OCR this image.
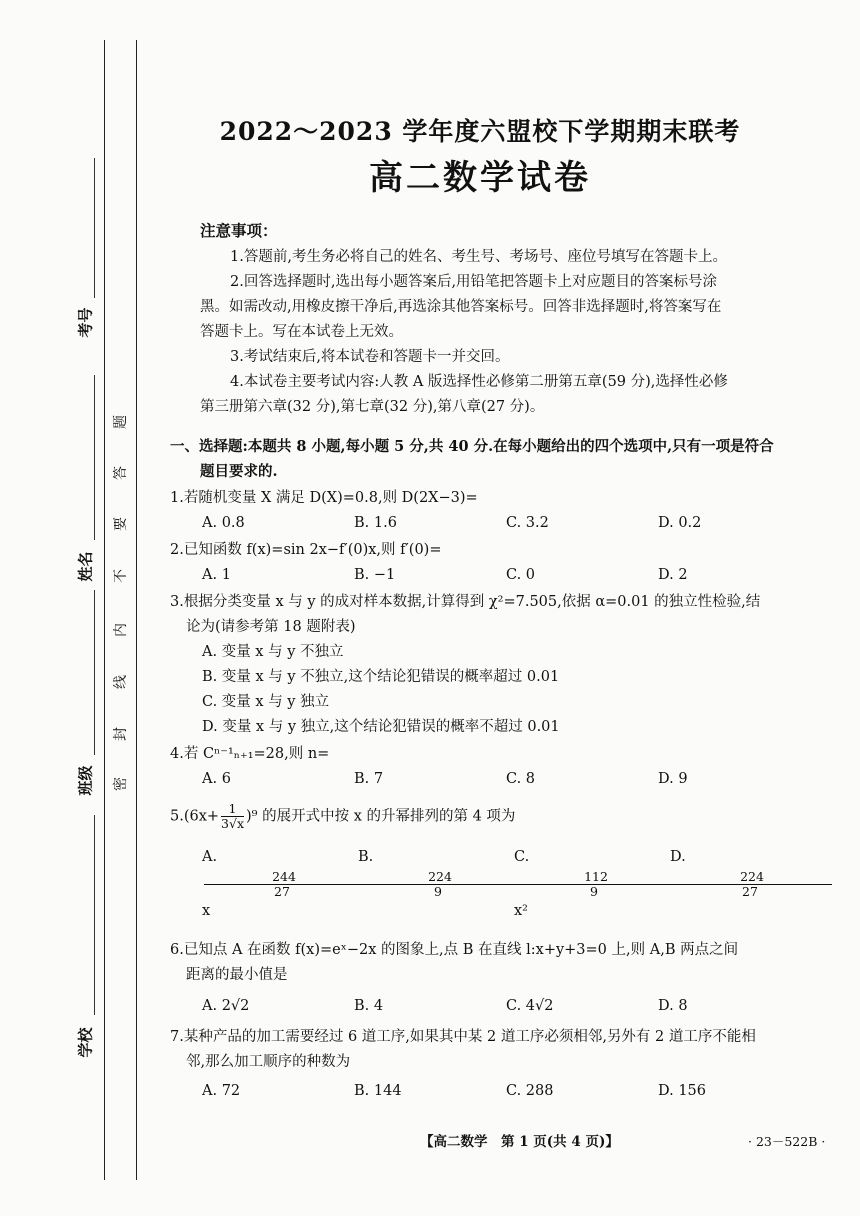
题
答
要
不
内
线
封
密
考号
姓名
班级
学校
2022～2023 学年度六盟校下学期期末联考
高二数学试卷
注意事项：
1.答题前,考生务必将自己的姓名、考生号、考场号、座位号填写在答题卡上。
2.回答选择题时,选出每小题答案后,用铅笔把答题卡上对应题目的答案标号涂
黑。如需改动,用橡皮擦干净后,再选涂其他答案标号。回答非选择题时,将答案写在
答题卡上。写在本试卷上无效。
3.考试结束后,将本试卷和答题卡一并交回。
4.本试卷主要考试内容:人教 A 版选择性必修第二册第五章(59 分),选择性必修
第三册第六章(32 分),第七章(32 分),第八章(27 分)。
一、选择题:本题共 8 小题,每小题 5 分,共 40 分.在每小题给出的四个选项中,只有一项是符合
题目要求的.
1.若随机变量 X 满足 D(X)=0.8,则 D(2X−3)=
A. 0.8	B. 1.6	C. 3.2	D. 0.2
2.已知函数 f(x)=sin 2x−f′(0)x,则 f′(0)=
A. 1	B. −1	C. 0	D. 2
3.根据分类变量 x 与 y 的成对样本数据,计算得到 χ²=7.505,依据 α=0.01 的独立性检验,结
论为(请参考第 18 题附表)
A. 变量 x 与 y 不独立
B. 变量 x 与 y 不独立,这个结论犯错误的概率超过 0.01
C. 变量 x 与 y 独立
D. 变量 x 与 y 独立,这个结论犯错误的概率不超过 0.01
4.若 Cⁿ⁻¹ₙ₊₁=28,则 n=
A. 6	B. 7	C. 8	D. 9
$5.(6x+ \frac{1}{3√x} )^9$ 的展开式中按 x 的升幂排列的第 4 项为
A.
$\frac{244}{27}$
x
B.
$\frac{224}{9}$
C.
$\frac{112}{9}$
x²
D.
$\frac{224}{27}$
6.已知点 A 在函数 f(x)=eˣ−2x 的图象上,点 B 在直线 l:x+y+3=0 上,则 A,B 两点之间
距离的最小值是
A. 2√2	B. 4	C. 4√2	D. 8
7.某种产品的加工需要经过 6 道工序,如果其中某 2 道工序必须相邻,另外有 2 道工序不能相
邻,那么加工顺序的种数为
A. 72	B. 144	C. 288	D. 156
【高二数学　第 1 页(共 4 页)】	· 23－522B ·
